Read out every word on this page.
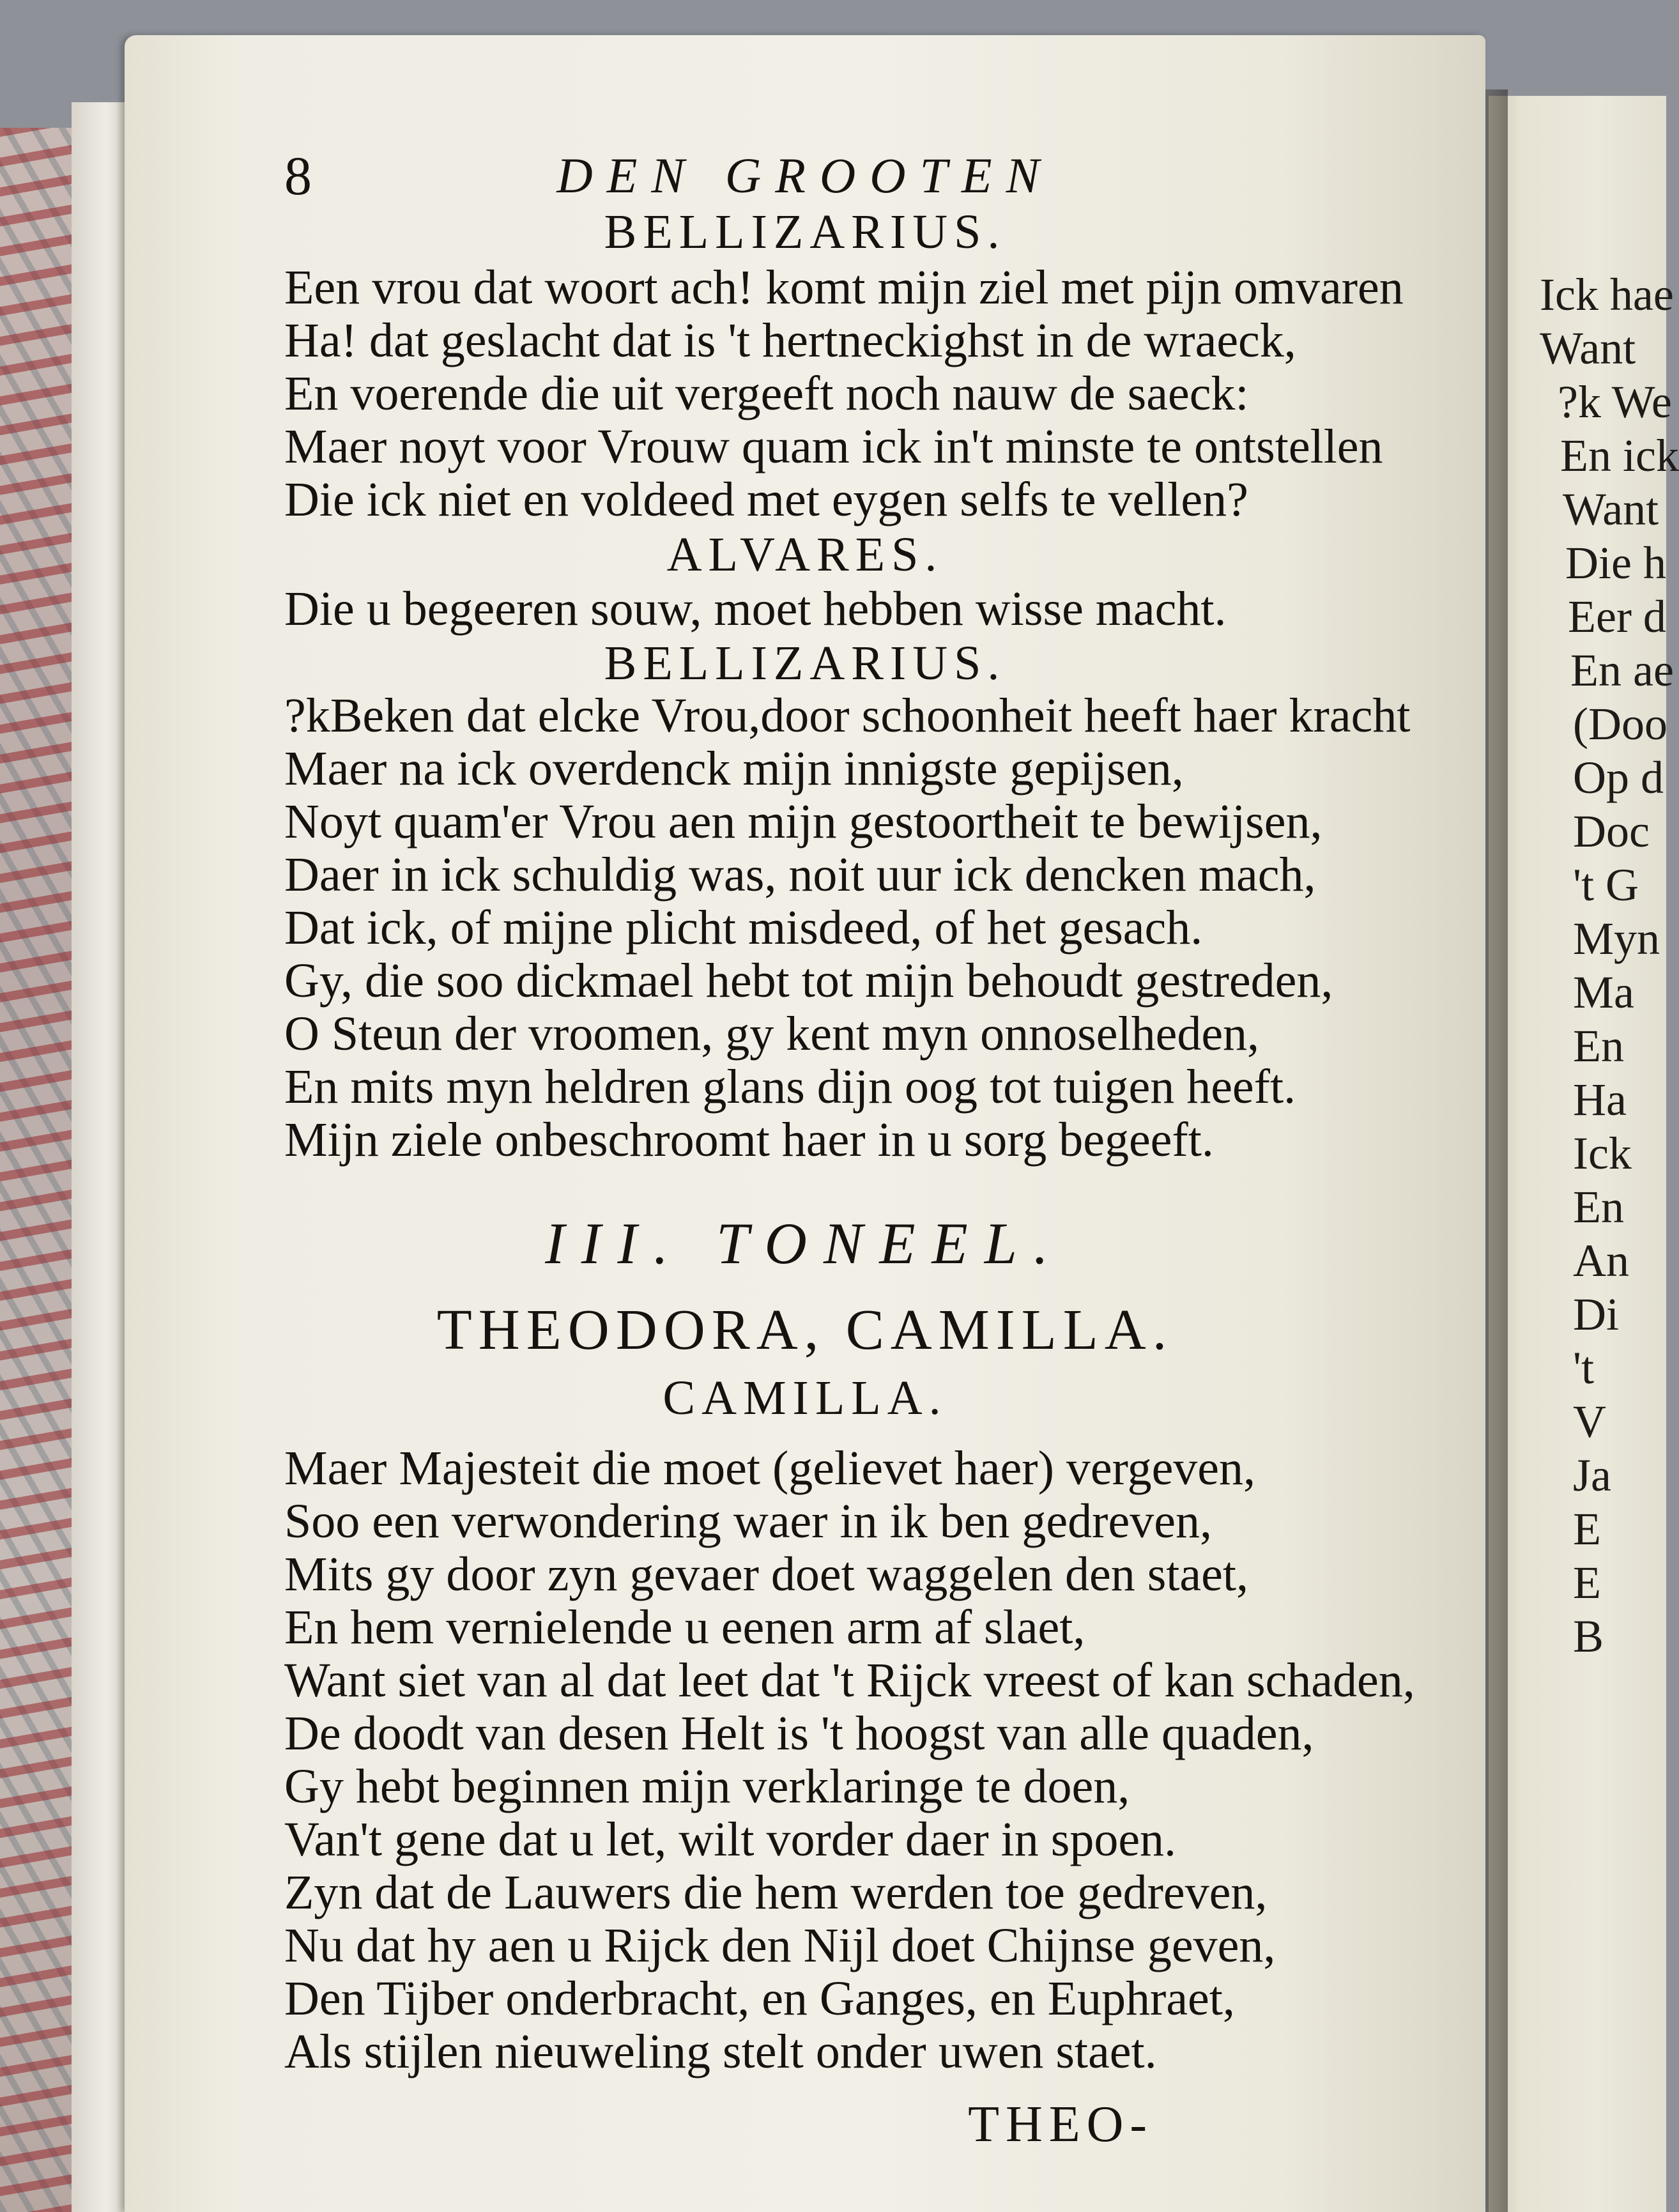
Ick hae
Want
?k We
En ick
Want
Die h
Eer d
En ae
(Doo
Op d
Doc
't G
Myn
Ma
En
Ha
Ick
En
An
Di
't
V
Ja
E
E
B
8	DEN GROOTEN
BELLIZARIUS.
Een vrou dat woort ach! komt mijn ziel met pijn omvaren
Ha! dat geslacht dat is 't hertneckighst in de wraeck,
En voerende die uit vergeeft noch nauw de saeck:
Maer noyt voor Vrouw quam ick in't minste te ontstellen
Die ick niet en voldeed met eygen selfs te vellen?
ALVARES.
Die u begeeren souw, moet hebben wisse macht.
BELLIZARIUS.
?kBeken dat elcke Vrou,door schoonheit heeft haer kracht
Maer na ick overdenck mijn innigste gepijsen,
Noyt quam'er Vrou aen mijn gestoortheit te bewijsen,
Daer in ick schuldig was, noit uur ick dencken mach,
Dat ick, of mijne plicht misdeed, of het gesach.
Gy, die soo dickmael hebt tot mijn behoudt gestreden,
O Steun der vroomen, gy kent myn onnoselheden,
En mits myn heldren glans dijn oog tot tuigen heeft.
Mijn ziele onbeschroomt haer in u sorg begeeft.
III. TONEEL.
THEODORA, CAMILLA.
CAMILLA.
Maer Majesteit die moet (gelievet haer) vergeven,
Soo een verwondering waer in ik ben gedreven,
Mits gy door zyn gevaer doet waggelen den staet,
En hem vernielende u eenen arm af slaet,
Want siet van al dat leet dat 't Rijck vreest of kan schaden,
De doodt van desen Helt is 't hoogst van alle quaden,
Gy hebt beginnen mijn verklaringe te doen,
Van't gene dat u let, wilt vorder daer in spoen.
Zyn dat de Lauwers die hem werden toe gedreven,
Nu dat hy aen u Rijck den Nijl doet Chijnse geven,
Den Tijber onderbracht, en Ganges, en Euphraet,
Als stijlen nieuweling stelt onder uwen staet.
THEO-
